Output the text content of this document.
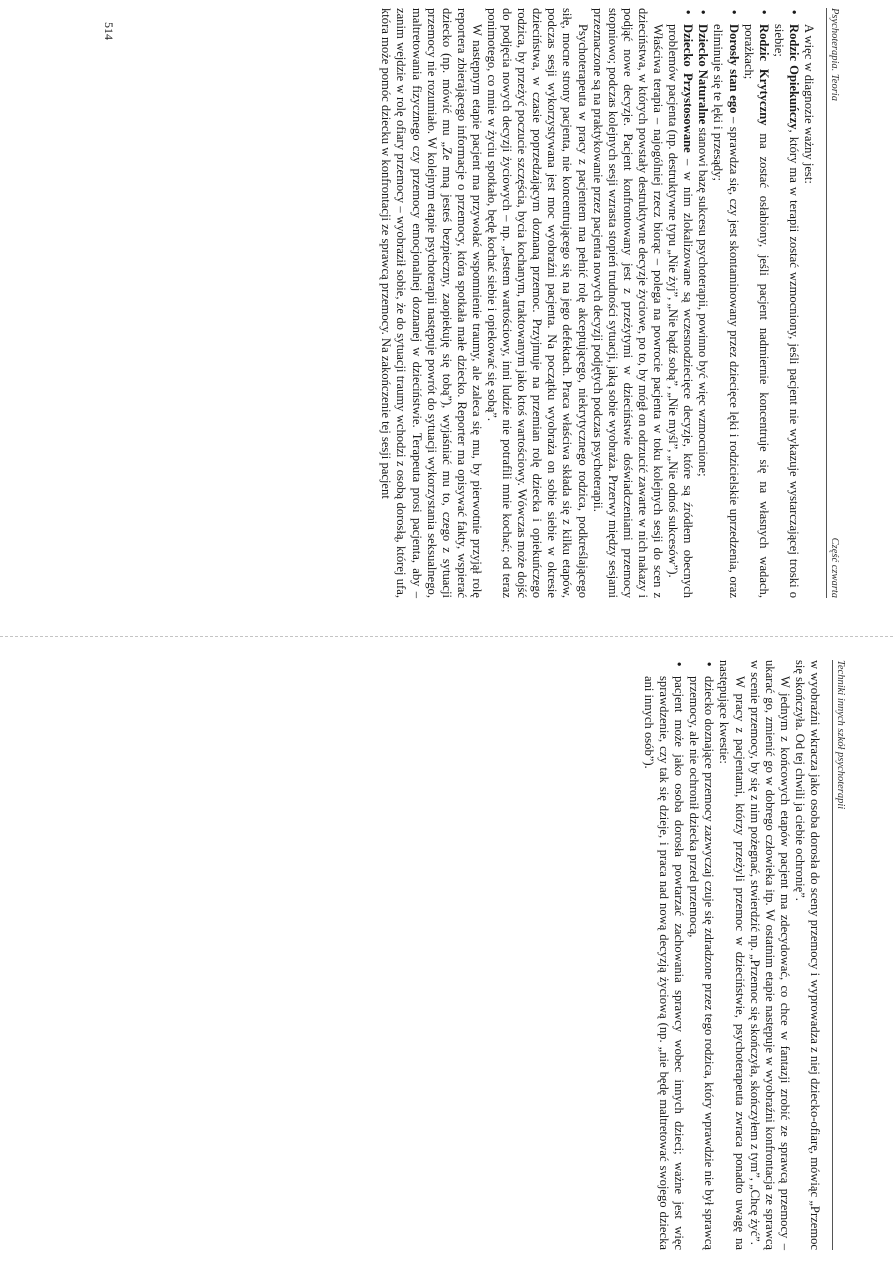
Psychoterapia. Teoria
Część czwarta

A więc w diagnozie ważny jest:

•
Rodzic Opiekuńczy, który ma w terapii zostać wzmocniony, jeśli pacjent nie wykazuje wystarczającej troski o siebie;
•
Rodzic Krytyczny ma zostać osłabiony, jeśli pacjent nadmiernie koncentruje się na własnych wadach, porażkach;
•
Dorosły stan ego – sprawdza się, czy jest skontaminowany przez dziecięce lęki i rodzicielskie uprzedzenia, oraz eliminuje się te lęki i przesądy;
•
Dziecko Naturalne stanowi bazę sukcesu psychoterapii, powinno być więc wzmocnione;
•
Dziecko Przystosowane – w nim zlokalizowane są wczesnodziecięce decyzje, które są źródłem obecnych problemów pacjenta (np. destruktywne typu „Nie żyj”, „Nie bądź sobą”, „Nie myśl”, „Nie odnoś sukcesów”).

Właściwa terapia – najogólniej rzecz biorąc – polega na powrocie pacjenta w toku kolejnych sesji do scen z dzieciństwa, w których powstały destruktywne decyzje życiowe, po to, by mógł on odrzucić zawarte w nich nakazy i podjąć nowe decyzje. Pacjent konfrontowany jest z przeżytymi w dzieciństwie doświadczeniami przemocy stopniowo; podczas kolejnych sesji wzrasta stopień trudności sytuacji, jaką sobie wyobraża. Przerwy między sesjami przeznaczone są na praktykowanie przez pacjenta nowych decyzji podjętych podczas psychoterapii.

Psychoterapeuta w pracy z pacjentem ma pełnić rolę akceptującego, niekrytycznego rodzica, podkreślającego siłę, mocne strony pacjenta, nie koncentrującego się na jego defektach. Praca właściwa składa się z kilku etapów, podczas sesji wykorzystywana jest moc wyobraźni pacjenta. Na początku wyobraża on sobie siebie w okresie dzieciństwa, w czasie poprzedzającym doznaną przemoc. Przyjmuje na przemian rolę dziecka i opiekuńczego rodzica, by przeżyć poczucie szczęścia, bycia kochanym, traktowanym jako ktoś wartościowy. Wówczas może dojść do podjęcia nowych decyzji życiowych – np. „Jestem wartościowy, inni ludzie nie potrafili mnie kochać; od teraz ponimotego, co mnie w życiu spotkało, będę kochać siebie i opiekować się sobą”.

W następnym etapie pacjent ma przywołać wspomnienie traumy, ale zaleca się mu, by pierwotnie przyjął rolę reportera zbierającego informacje o przemocy, która spotkała małe dziecko. Reporter ma opisywać fakty, wspierać dziecko (np. mówić mu „Ze mną jesteś bezpieczny, zaopiekuję się tobą”), wyjaśniać mu to, czego z sytuacji przemocy nie rozumiało. W kolejnym etapie psychoterapii następuje powrót do sytuacji wykorzystania seksualnego, maltretowania fizycznego czy przemocy emocjonalnej doznanej w dzieciństwie. Terapeuta prosi pacjenta, aby – zanim wejdzie w rolę ofiary przemocy – wyobraził sobie, że do sytuacji traumy wchodzi z osobą dorosłą, której ufa, która może pomóc dziecku w konfrontacji ze sprawcą przemocy. Na zakończenie tej sesji pacjent

514
Techniki innych szkół psychoterapii

w wyobraźni wkracza jako osoba dorosła do sceny przemocy i wyprowadza z niej dziecko-ofiarę, mówiąc „Przemoc się skończyła. Od tej chwili ja ciebie ochronię”.

W jednym z końcowych etapów pacjent ma zdecydować, co chce w fantazji zrobić ze sprawcą przemocy – ukarać go, zmienić go w dobrego człowieka itp. W ostatnim etapie następuje w wyobraźni konfrontacja ze sprawcą w scenie przemocy, by się z nim pożegnać, stwierdzić np. „Przemoc się skończyła, skończyłem z tym”, „Chcę żyć”.

W pracy z pacjentami, którzy przeżyli przemoc w dzieciństwie, psychoterapeuta zwraca ponadto uwagę na następujące kwestie:

•
dziecko doznające przemocy zazwyczaj czuje się zdradzone przez tego rodzica, który wprawdzie nie był sprawcą przemocy, ale nie ochronił dziecka przed przemocą,
•
pacjent może jako osoba dorosła powtarzać zachowania sprawcy wobec innych dzieci; ważne jest więc sprawdzenie, czy tak się dzieje, i praca nad nową decyzją życiową (np. „nie będę maltretować swojego dziecka ani innych osób”).
